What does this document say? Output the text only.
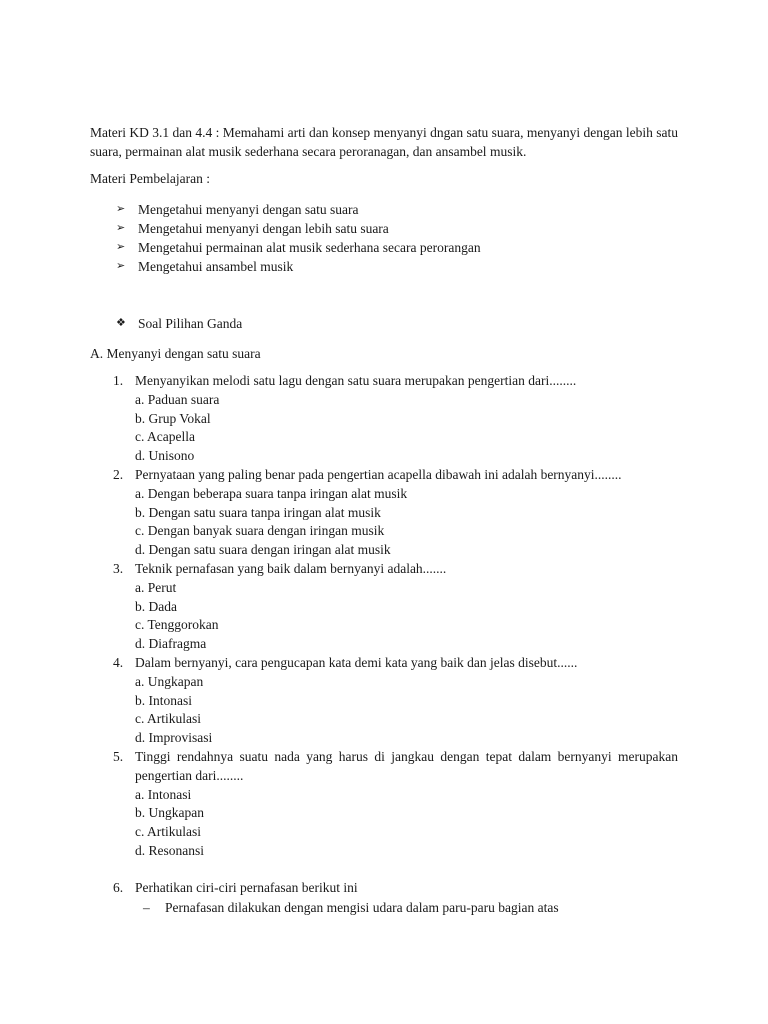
Materi KD 3.1 dan 4.4 : Memahami arti dan konsep menyanyi dngan satu suara, menyanyi dengan lebih satu suara, permainan alat musik sederhana secara peroranagan, dan ansambel musik.
Materi Pembelajaran :
➢ Mengetahui menyanyi dengan satu suara
➢ Mengetahui menyanyi dengan lebih satu suara
➢ Mengetahui permainan alat musik sederhana secara perorangan
➢ Mengetahui ansambel musik
❖ Soal Pilihan Ganda
A. Menyanyi dengan satu suara
1. Menyanyikan melodi satu lagu dengan satu suara merupakan pengertian dari........
a. Paduan suara
b. Grup Vokal
c. Acapella
d. Unisono
2. Pernyataan yang paling benar pada pengertian acapella dibawah ini adalah bernyanyi........
a. Dengan beberapa suara tanpa iringan alat musik
b. Dengan satu suara tanpa iringan alat musik
c. Dengan banyak suara dengan iringan musik
d. Dengan satu suara dengan iringan alat musik
3. Teknik pernafasan yang baik dalam bernyanyi adalah.......
a. Perut
b. Dada
c. Tenggorokan
d. Diafragma
4. Dalam bernyanyi, cara pengucapan kata demi kata yang baik dan jelas disebut......
a. Ungkapan
b. Intonasi
c. Artikulasi
d. Improvisasi
5. Tinggi rendahnya suatu nada yang harus di jangkau dengan tepat dalam bernyanyi merupakan pengertian dari........
a. Intonasi
b. Ungkapan
c. Artikulasi
d. Resonansi
6. Perhatikan ciri-ciri pernafasan berikut ini
–	Pernafasan dilakukan dengan mengisi udara dalam paru-paru bagian atas
